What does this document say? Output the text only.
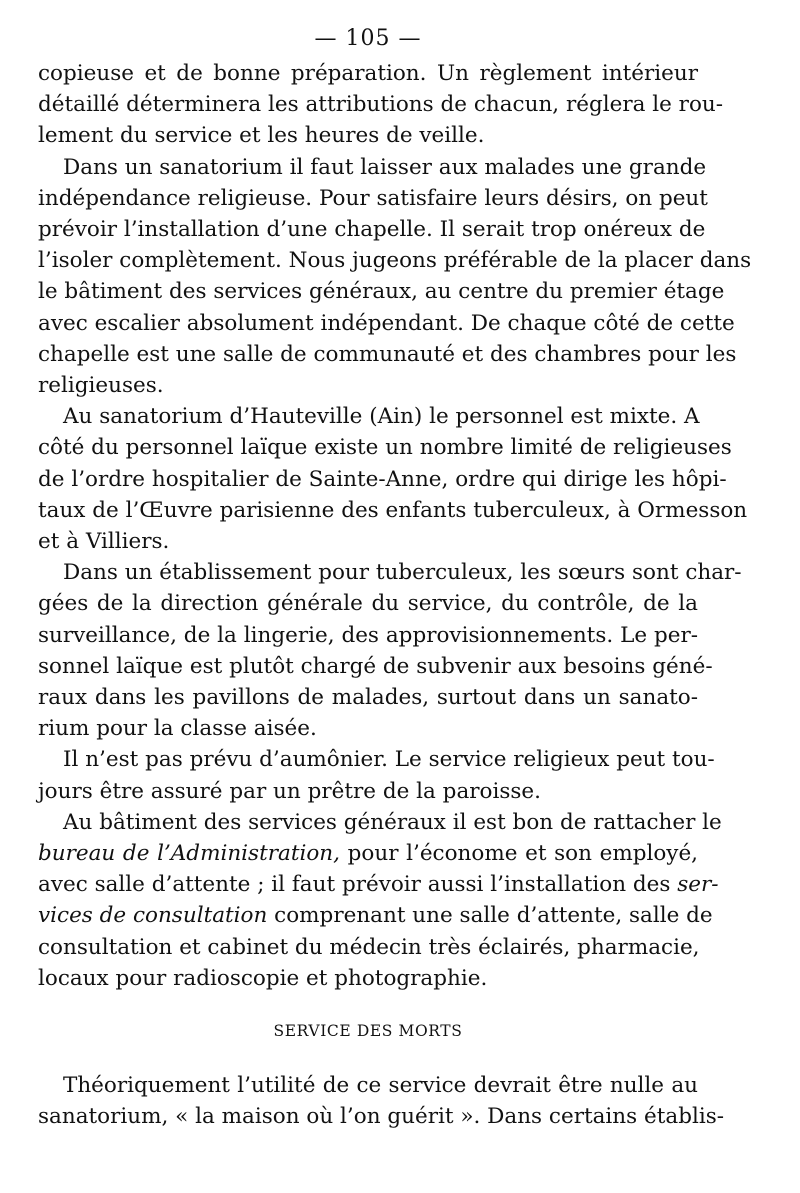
— 105 —

copieuse et de bonne préparation. Un règlement intérieur
détaillé déterminera les attributions de chacun, réglera le rou-
lement du service et les heures de veille.

Dans un sanatorium il faut laisser aux malades une grande
indépendance religieuse. Pour satisfaire leurs désirs, on peut
prévoir l’installation d’une chapelle. Il serait trop onéreux de
l’isoler complètement. Nous jugeons préférable de la placer dans
le bâtiment des services généraux, au centre du premier étage
avec escalier absolument indépendant. De chaque côté de cette
chapelle est une salle de communauté et des chambres pour les
religieuses.

Au sanatorium d’Hauteville (Ain) le personnel est mixte. A
côté du personnel laïque existe un nombre limité de religieuses
de l’ordre hospitalier de Sainte-Anne, ordre qui dirige les hôpi-
taux de l’Œuvre parisienne des enfants tuberculeux, à Ormesson
et à Villiers.

Dans un établissement pour tuberculeux, les sœurs sont char-
gées de la direction générale du service, du contrôle, de la
surveillance, de la lingerie, des approvisionnements. Le per-
sonnel laïque est plutôt chargé de subvenir aux besoins géné-
raux dans les pavillons de malades, surtout dans un sanato-
rium pour la classe aisée.

Il n’est pas prévu d’aumônier. Le service religieux peut tou-
jours être assuré par un prêtre de la paroisse.

Au bâtiment des services généraux il est bon de rattacher le
bureau de l’Administration, pour l’économe et son employé,
avec salle d’attente ; il faut prévoir aussi l’installation des ser-
vices de consultation comprenant une salle d’attente, salle de
consultation et cabinet du médecin très éclairés, pharmacie,
locaux pour radioscopie et photographie.

SERVICE DES MORTS

Théoriquement l’utilité de ce service devrait être nulle au
sanatorium, « la maison où l’on guérit ». Dans certains établis-
